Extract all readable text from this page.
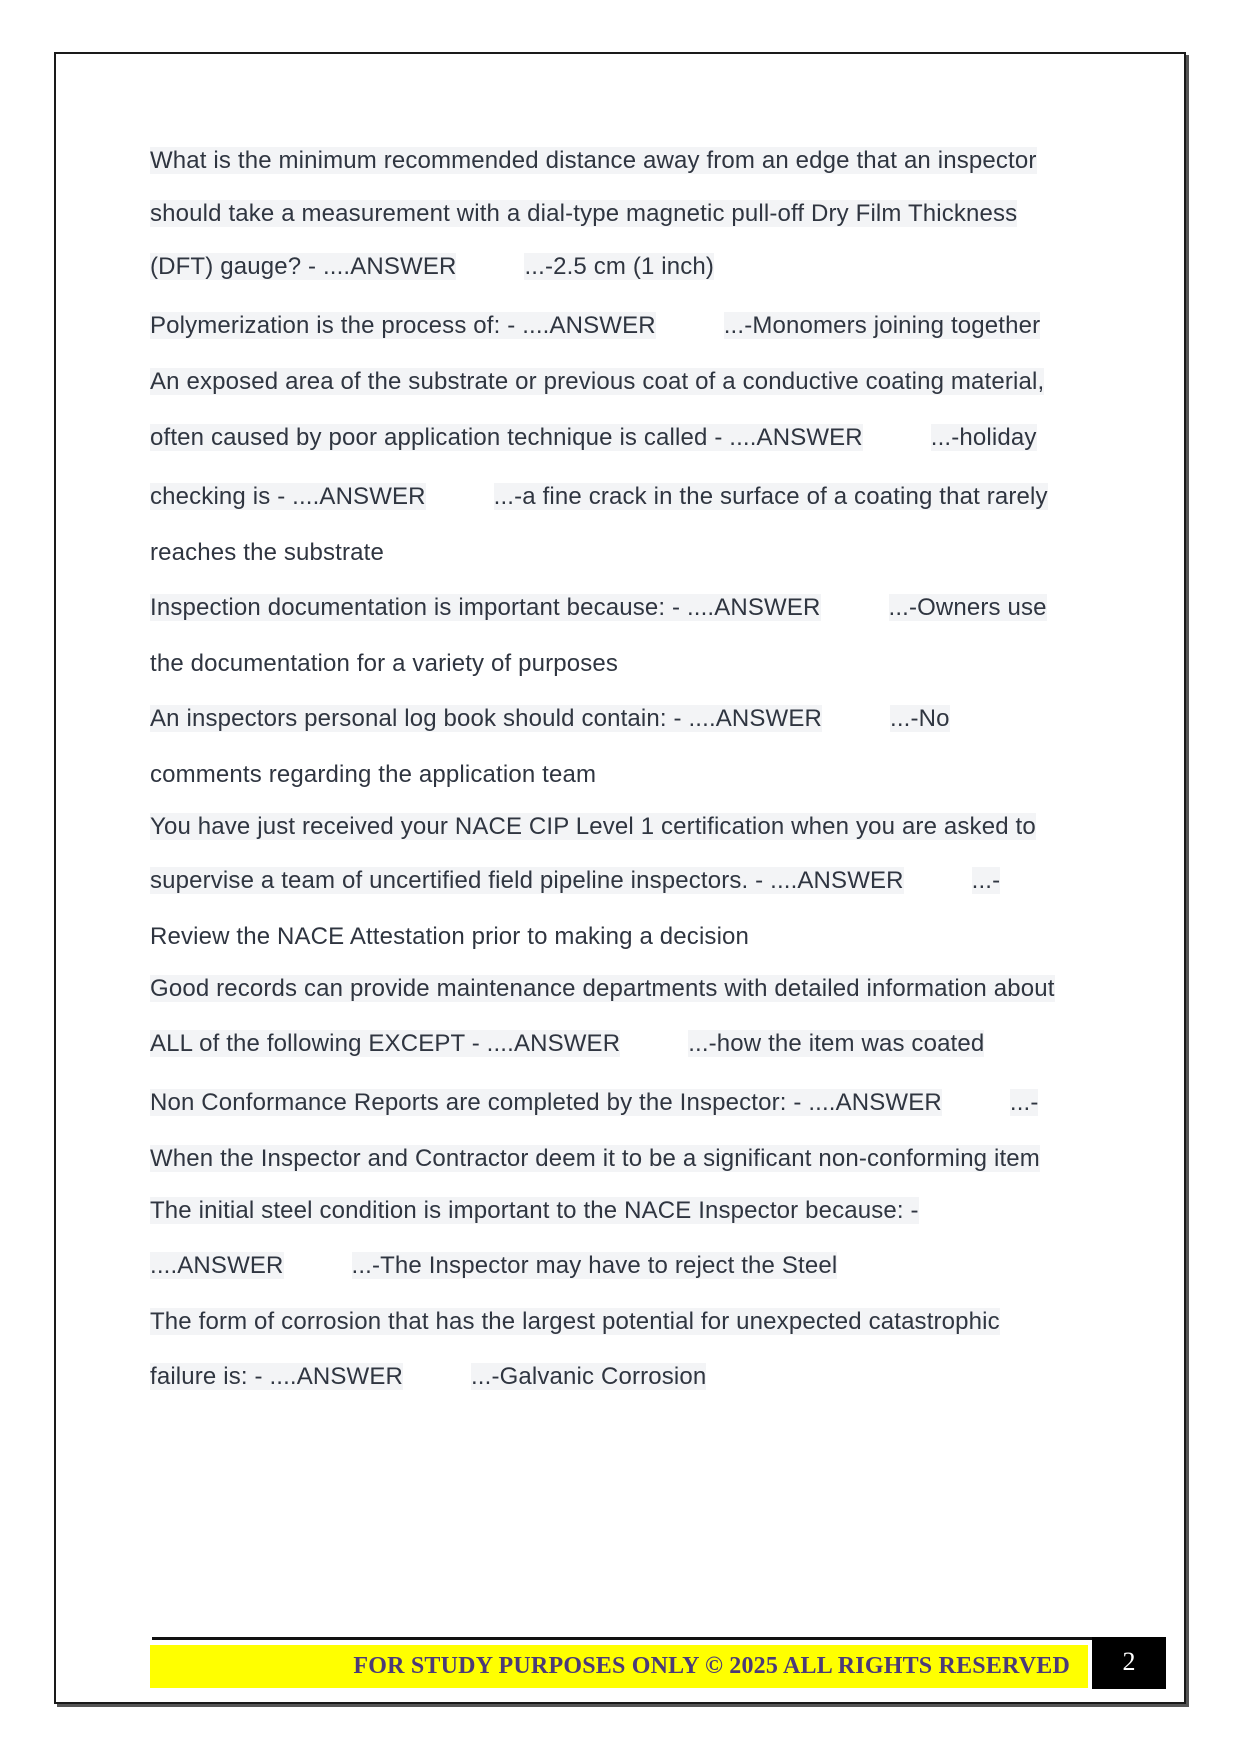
What is the minimum recommended distance away from an edge that an inspector
should take a measurement with a dial-type magnetic pull-off Dry Film Thickness
(DFT) gauge? - ....ANSWER	...-2.5 cm (1 inch)
Polymerization is the process of: - ....ANSWER	...-Monomers joining together
An exposed area of the substrate or previous coat of a conductive coating material,
often caused by poor application technique is called - ....ANSWER	...-holiday
checking is - ....ANSWER	...-a fine crack in the surface of a coating that rarely
reaches the substrate
Inspection documentation is important because: - ....ANSWER	...-Owners use
the documentation for a variety of purposes
An inspectors personal log book should contain: - ....ANSWER	...-No
comments regarding the application team
You have just received your NACE CIP Level 1 certification when you are asked to
supervise a team of uncertified field pipeline inspectors. - ....ANSWER	...-
Review the NACE Attestation prior to making a decision
Good records can provide maintenance departments with detailed information about
ALL of the following EXCEPT - ....ANSWER	...-how the item was coated
Non Conformance Reports are completed by the Inspector: - ....ANSWER	...-
When the Inspector and Contractor deem it to be a significant non-conforming item
The initial steel condition is important to the NACE Inspector because: -
....ANSWER	...-The Inspector may have to reject the Steel
The form of corrosion that has the largest potential for unexpected catastrophic
failure is: - ....ANSWER	...-Galvanic Corrosion
FOR STUDY PURPOSES ONLY © 2025 ALL RIGHTS RESERVED	2
